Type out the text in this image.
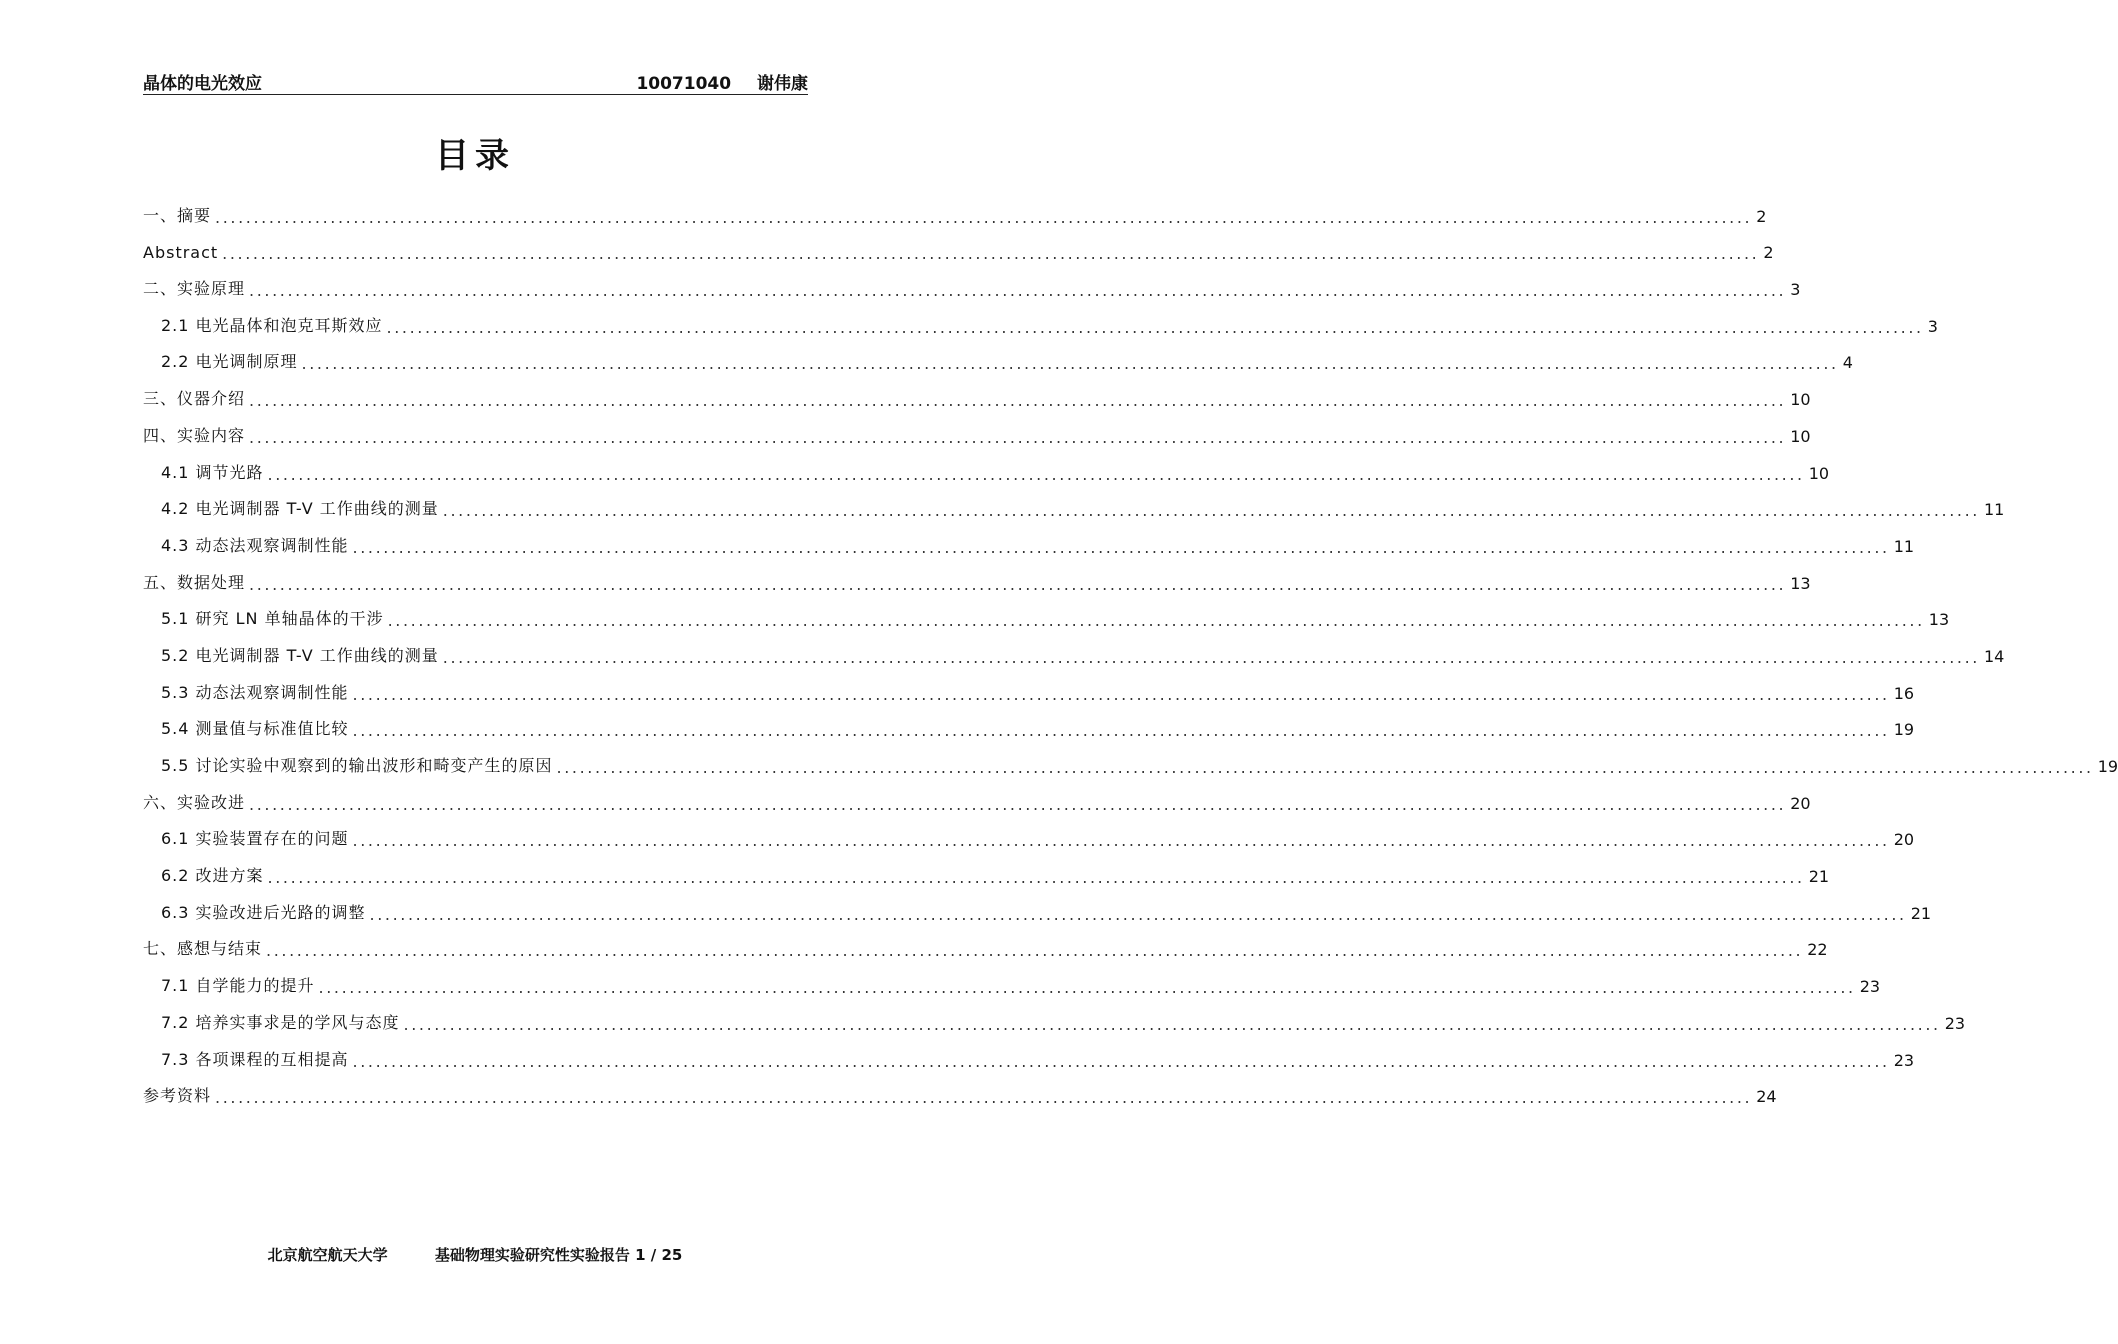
晶体的电光效应	10071040 谢伟康
目录
一、摘要 ........................................................................................................................................................................................................ 2
Abstract ........................................................................................................................................................................................................ 2
二、实验原理 ........................................................................................................................................................................................................ 3
2.1 电光晶体和泡克耳斯效应 ........................................................................................................................................................................................................ 3
2.2 电光调制原理 ........................................................................................................................................................................................................ 4
三、仪器介绍 ........................................................................................................................................................................................................ 10
四、实验内容 ........................................................................................................................................................................................................ 10
4.1 调节光路 ........................................................................................................................................................................................................ 10
4.2 电光调制器 T-V 工作曲线的测量 ........................................................................................................................................................................................................ 11
4.3 动态法观察调制性能 ........................................................................................................................................................................................................ 11
五、数据处理 ........................................................................................................................................................................................................ 13
5.1 研究 LN 单轴晶体的干涉 ........................................................................................................................................................................................................ 13
5.2 电光调制器 T-V 工作曲线的测量 ........................................................................................................................................................................................................ 14
5.3 动态法观察调制性能 ........................................................................................................................................................................................................ 16
5.4 测量值与标准值比较 ........................................................................................................................................................................................................ 19
5.5 讨论实验中观察到的输出波形和畸变产生的原因 ........................................................................................................................................................................................................ 19
六、实验改进 ........................................................................................................................................................................................................ 20
6.1 实验装置存在的问题 ........................................................................................................................................................................................................ 20
6.2 改进方案 ........................................................................................................................................................................................................ 21
6.3 实验改进后光路的调整 ........................................................................................................................................................................................................ 21
七、感想与结束 ........................................................................................................................................................................................................ 22
7.1 自学能力的提升 ........................................................................................................................................................................................................ 23
7.2 培养实事求是的学风与态度 ........................................................................................................................................................................................................ 23
7.3 各项课程的互相提高 ........................................................................................................................................................................................................ 23
参考资料 ........................................................................................................................................................................................................ 24
北京航空航天大学	基础物理实验研究性实验报告 1 / 25
